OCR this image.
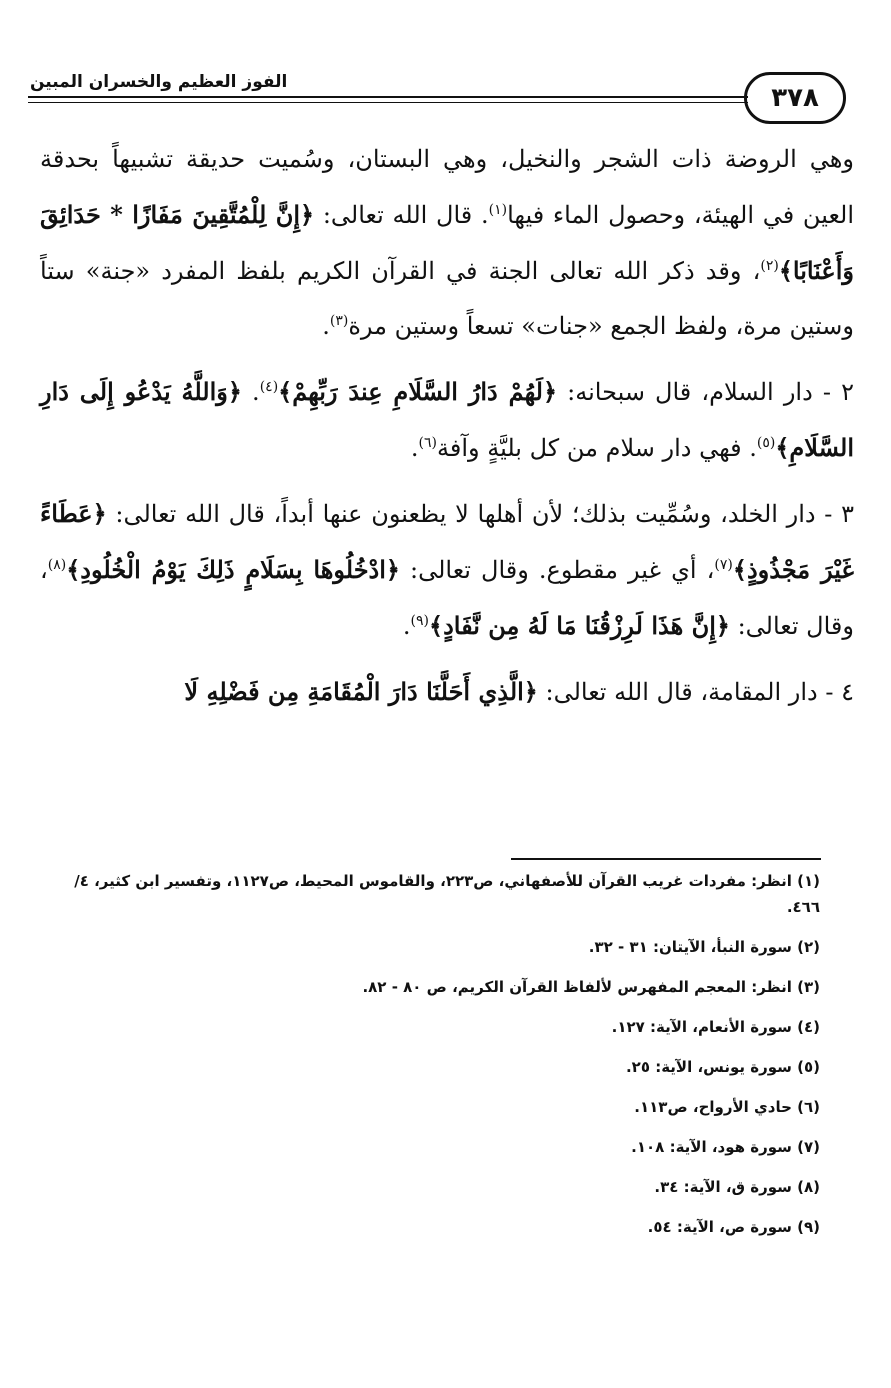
٣٧٨
الفوز العظيم والخسران المبين

وهي الروضة ذات الشجر والنخيل، وهي البستان، وسُميت حديقة تشبيهاً بحدقة العين في الهيئة، وحصول الماء فيها$^{(١)}$. قال الله تعالى: ﴿إِنَّ لِلْمُتَّقِينَ مَفَازًا * حَدَائِقَ وَأَعْنَابًا﴾$^{(٢)}$، وقد ذكر الله تعالى الجنة في القرآن الكريم بلفظ المفرد «جنة» ستاً وستين مرة، ولفظ الجمع «جنات» تسعاً وستين مرة$^{(٣)}$.

٢ - دار السلام، قال سبحانه: ﴿لَهُمْ دَارُ السَّلَامِ عِندَ رَبِّهِمْ﴾$^{(٤)}$. ﴿وَاللَّهُ يَدْعُو إِلَى دَارِ السَّلَامِ﴾$^{(٥)}$. فهي دار سلام من كل بليَّةٍ وآفة$^{(٦)}$.

٣ - دار الخلد، وسُمِّيت بذلك؛ لأن أهلها لا يظعنون عنها أبداً، قال الله تعالى: ﴿عَطَاءً غَيْرَ مَجْذُوذٍ﴾$^{(٧)}$، أي غير مقطوع. وقال تعالى: ﴿ادْخُلُوهَا بِسَلَامٍ ذَلِكَ يَوْمُ الْخُلُودِ﴾$^{(٨)}$، وقال تعالى: ﴿إِنَّ هَذَا لَرِزْقُنَا مَا لَهُ مِن نَّفَادٍ﴾$^{(٩)}$.

٤ - دار المقامة، قال الله تعالى: ﴿الَّذِي أَحَلَّنَا دَارَ الْمُقَامَةِ مِن فَضْلِهِ لَا

(١) انظر: مفردات غريب القرآن للأصفهاني، ص٢٢٣، والقاموس المحيط، ص١١٢٧، وتفسير ابن كثير، ٤/ ٤٦٦.
(٢) سورة النبأ، الآيتان: ٣١ - ٣٢.
(٣) انظر: المعجم المفهرس لألفاظ القرآن الكريم، ص ٨٠ - ٨٢.
(٤) سورة الأنعام، الآية: ١٢٧.
(٥) سورة يونس، الآية: ٢٥.
(٦) حادي الأرواح، ص١١٣.
(٧) سورة هود، الآية: ١٠٨.
(٨) سورة ق، الآية: ٣٤.
(٩) سورة ص، الآية: ٥٤.
